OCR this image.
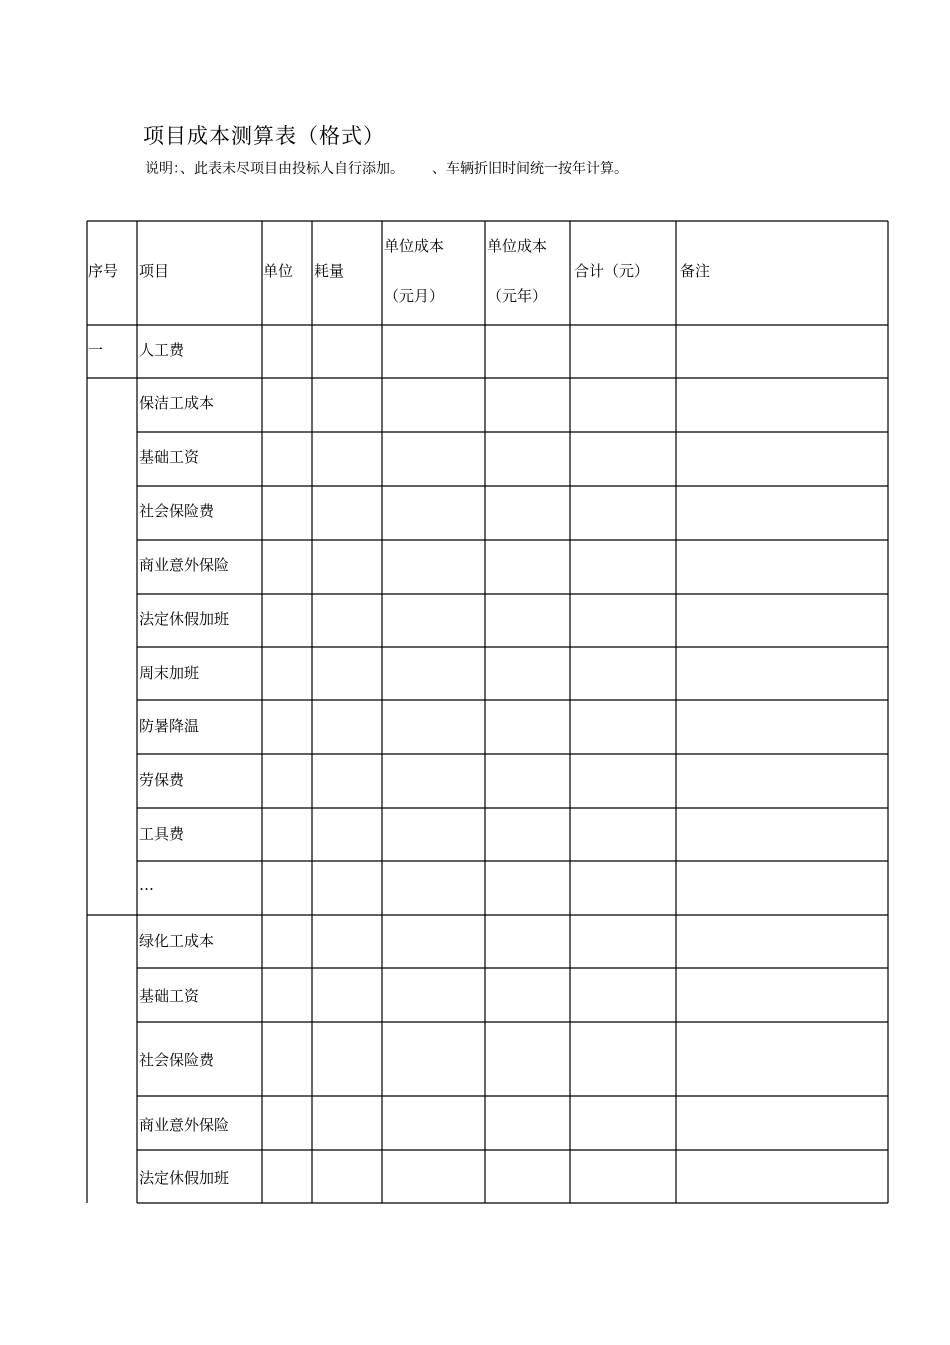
项目成本测算表（格式）
说明：、此表未尽项目由投标人自行添加。 、车辆折旧时间统一按年计算。
序号 项目	单位 耗量
单位成本
（元月）
单位成本
（元年）
合计（元） 备注
一 人工费
保洁工成本
基础工资
社会保险费
商业意外保险
法定休假加班
周末加班
防暑降温
劳保费
工具费
…
绿化工成本
基础工资
社会保险费
商业意外保险
法定休假加班
